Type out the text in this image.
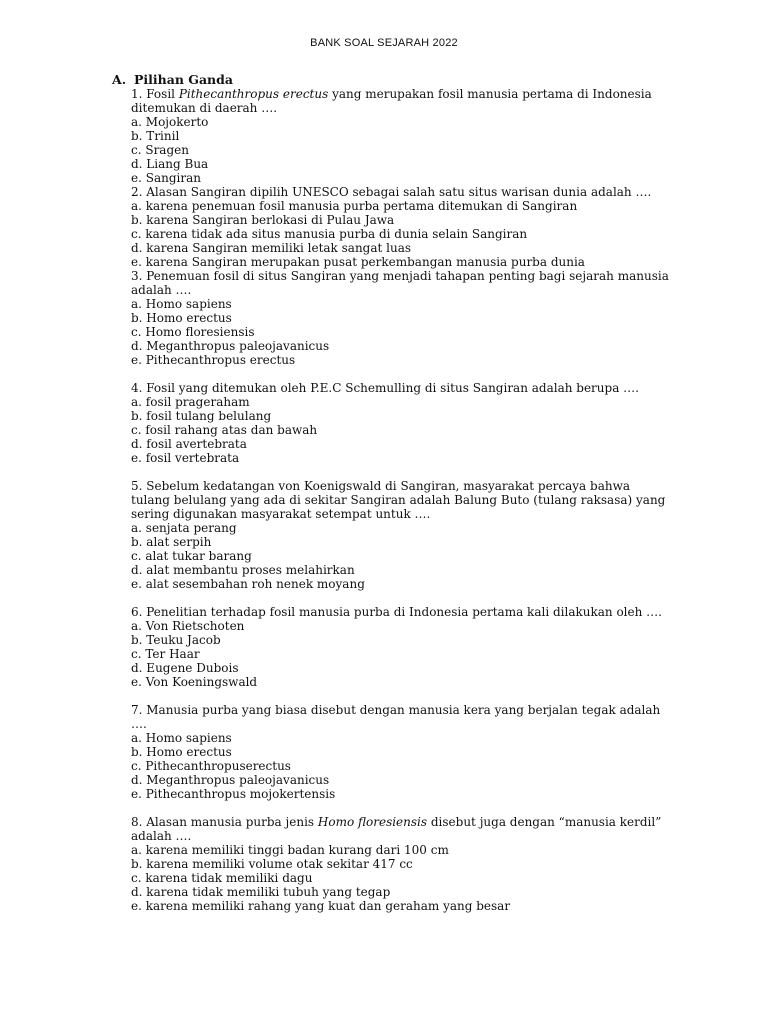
BANK SOAL SEJARAH 2022
A. Pilihan Ganda
1. Fosil Pithecanthropus erectus yang merupakan fosil manusia pertama di Indonesia ditemukan di daerah ….
a. Mojokerto
b. Trinil
c. Sragen
d. Liang Bua
e. Sangiran
2. Alasan Sangiran dipilih UNESCO sebagai salah satu situs warisan dunia adalah ….
a. karena penemuan fosil manusia purba pertama ditemukan di Sangiran
b. karena Sangiran berlokasi di Pulau Jawa
c. karena tidak ada situs manusia purba di dunia selain Sangiran
d. karena Sangiran memiliki letak sangat luas
e. karena Sangiran merupakan pusat perkembangan manusia purba dunia
3. Penemuan fosil di situs Sangiran yang menjadi tahapan penting bagi sejarah manusia adalah ….
a. Homo sapiens
b. Homo erectus
c. Homo floresiensis
d. Meganthropus paleojavanicus
e. Pithecanthropus erectus
4. Fosil yang ditemukan oleh P.E.C Schemulling di situs Sangiran adalah berupa ….
a. fosil prageraham
b. fosil tulang belulang
c. fosil rahang atas dan bawah
d. fosil avertebrata
e. fosil vertebrata
5. Sebelum kedatangan von Koenigswald di Sangiran, masyarakat percaya bahwa tulang belulang yang ada di sekitar Sangiran adalah Balung Buto (tulang raksasa) yang sering digunakan masyarakat setempat untuk ….
a. senjata perang
b. alat serpih
c. alat tukar barang
d. alat membantu proses melahirkan
e. alat sesembahan roh nenek moyang
6. Penelitian terhadap fosil manusia purba di Indonesia pertama kali dilakukan oleh ….
a. Von Rietschoten
b. Teuku Jacob
c. Ter Haar
d. Eugene Dubois
e. Von Koeningswald
7. Manusia purba yang biasa disebut dengan manusia kera yang berjalan tegak adalah ….
a. Homo sapiens
b. Homo erectus
c. Pithecanthropuserectus
d. Meganthropus paleojavanicus
e. Pithecanthropus mojokertensis
8. Alasan manusia purba jenis Homo floresiensis disebut juga dengan “manusia kerdil” adalah ….
a. karena memiliki tinggi badan kurang dari 100 cm
b. karena memiliki volume otak sekitar 417 cc
c. karena tidak memiliki dagu
d. karena tidak memiliki tubuh yang tegap
e. karena memiliki rahang yang kuat dan geraham yang besar
